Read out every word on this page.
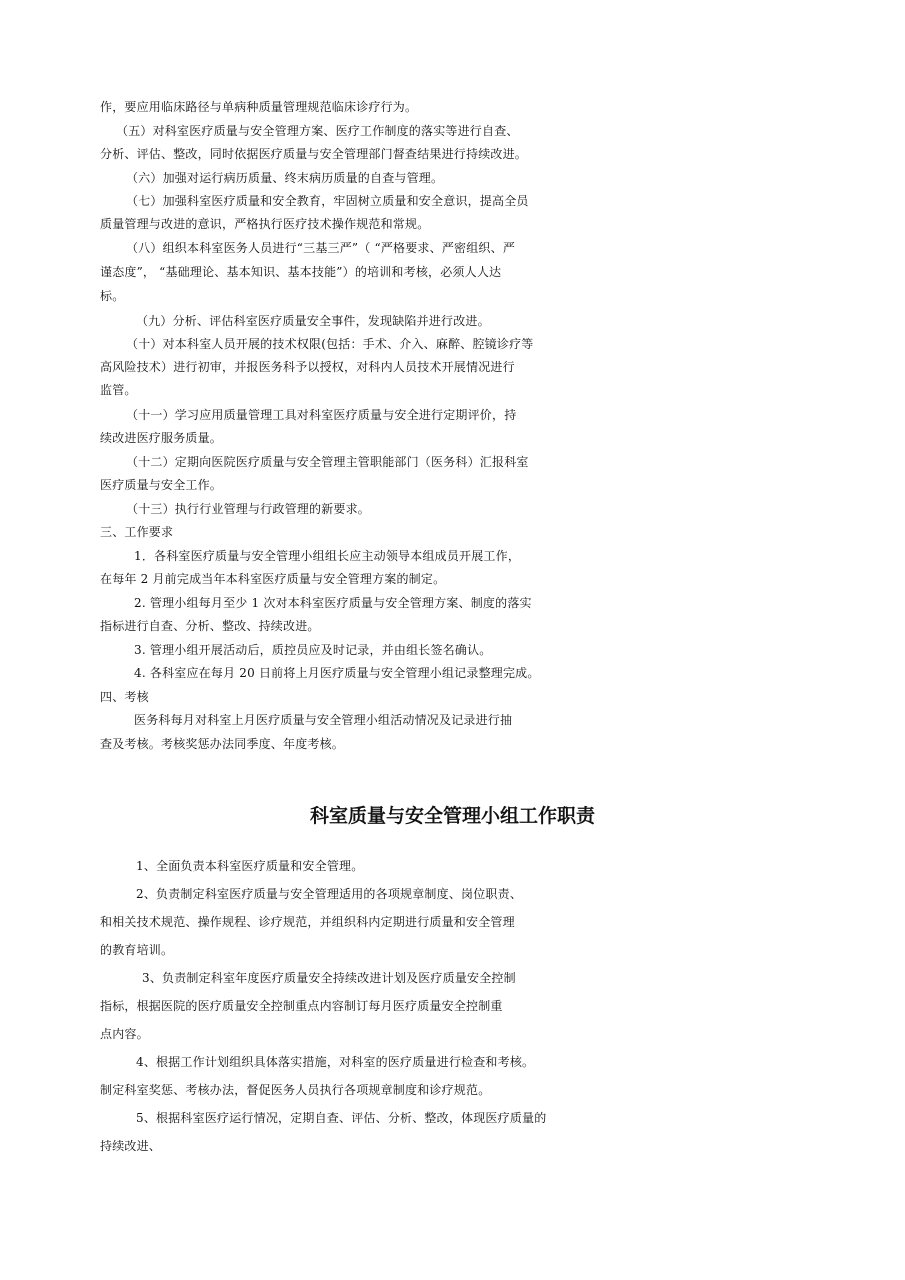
作，要应用临床路径与单病种质量管理规范临床诊疗行为。
（五）对科室医疗质量与安全管理方案、医疗工作制度的落实等进行自查、
分析、评估、整改，同时依据医疗质量与安全管理部门督查结果进行持续改进。
（六）加强对运行病历质量、终末病历质量的自查与管理。
（七）加强科室医疗质量和安全教育，牢固树立质量和安全意识，提高全员
质量管理与改进的意识，严格执行医疗技术操作规范和常规。
（八）组织本科室医务人员进行“三基三严”（ “严格要求、严密组织、严
谨态度”， “基础理论、基本知识、基本技能”）的培训和考核，必须人人达
标。
（九）分析、评估科室医疗质量安全事件，发现缺陷并进行改进。
（十）对本科室人员开展的技术权限(包括：手术、介入、麻醉、腔镜诊疗等
高风险技术）进行初审，并报医务科予以授权，对科内人员技术开展情况进行
监管。
（十一）学习应用质量管理工具对科室医疗质量与安全进行定期评价，持
续改进医疗服务质量。
（十二）定期向医院医疗质量与安全管理主管职能部门（医务科）汇报科室
医疗质量与安全工作。
（十三）执行行业管理与行政管理的新要求。
三、工作要求
1．各科室医疗质量与安全管理小组组长应主动领导本组成员开展工作，
在每年 2 月前完成当年本科室医疗质量与安全管理方案的制定。
2. 管理小组每月至少 1 次对本科室医疗质量与安全管理方案、制度的落实
指标进行自查、分析、整改、持续改进。
3. 管理小组开展活动后，质控员应及时记录，并由组长签名确认。
4. 各科室应在每月 20 日前将上月医疗质量与安全管理小组记录整理完成。
四、考核
医务科每月对科室上月医疗质量与安全管理小组活动情况及记录进行抽
查及考核。考核奖惩办法同季度、年度考核。
科室质量与安全管理小组工作职责
1、全面负责本科室医疗质量和安全管理。
2、负责制定科室医疗质量与安全管理适用的各项规章制度、岗位职责、
和相关技术规范、操作规程、诊疗规范，并组织科内定期进行质量和安全管理
的教育培训。
3、负责制定科室年度医疗质量安全持续改进计划及医疗质量安全控制
指标，根据医院的医疗质量安全控制重点内容制订每月医疗质量安全控制重
点内容。
4、根据工作计划组织具体落实措施，对科室的医疗质量进行检查和考核。
制定科室奖惩、考核办法，督促医务人员执行各项规章制度和诊疗规范。
5、根据科室医疗运行情况，定期自查、评估、分析、整改，体现医疗质量的
持续改进、
